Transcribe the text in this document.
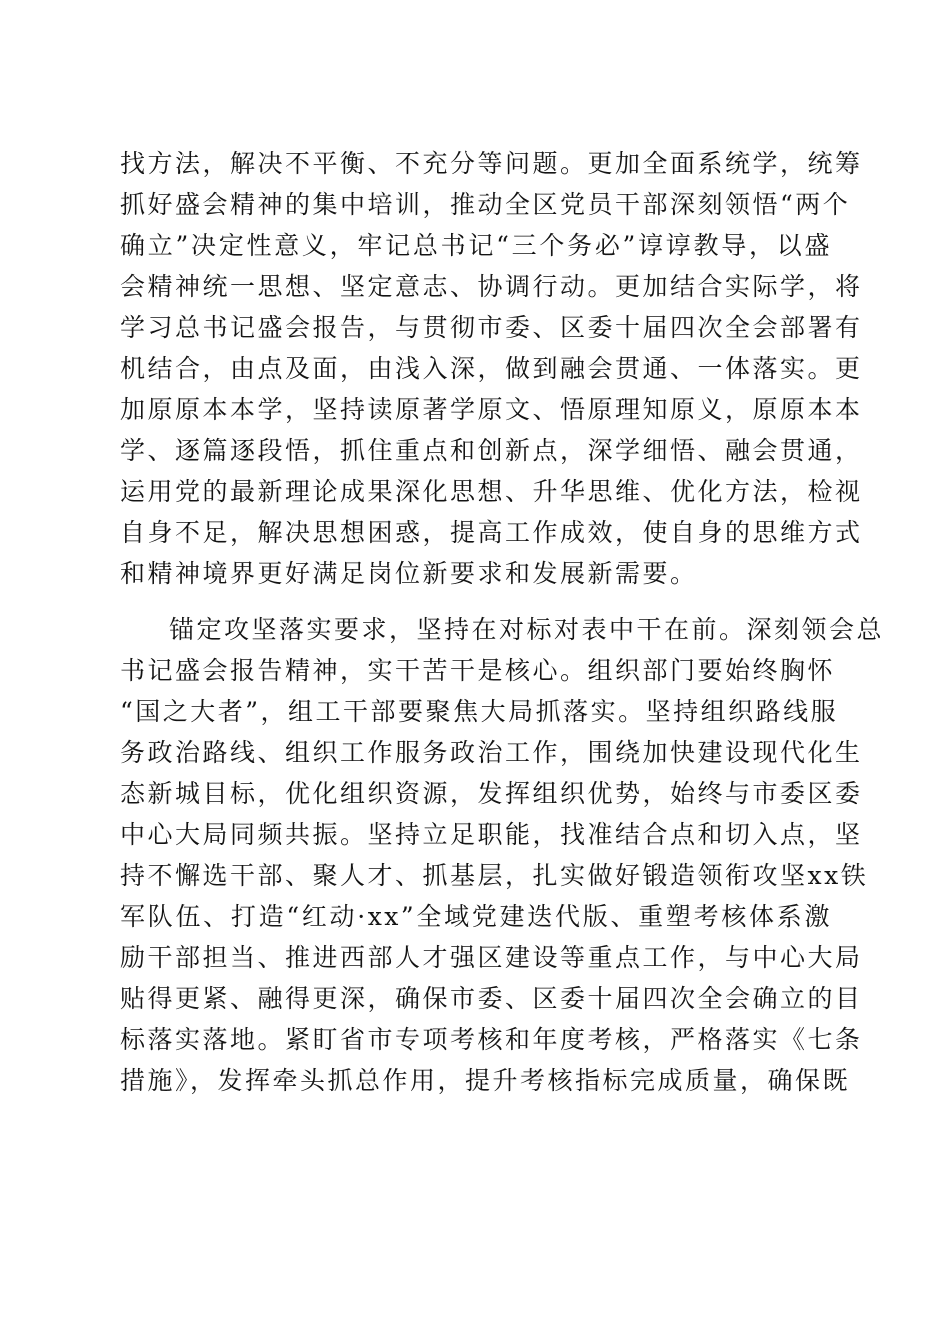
找方法，解决不平衡、不充分等问题。更加全面系统学，统筹
抓好盛会精神的集中培训，推动全区党员干部深刻领悟“两个
确立”决定性意义，牢记总书记“三个务必”谆谆教导，以盛
会精神统一思想、坚定意志、协调行动。更加结合实际学，将
学习总书记盛会报告，与贯彻市委、区委十届四次全会部署有
机结合，由点及面，由浅入深，做到融会贯通、一体落实。更
加原原本本学，坚持读原著学原文、悟原理知原义，原原本本
学、逐篇逐段悟，抓住重点和创新点，深学细悟、融会贯通，
运用党的最新理论成果深化思想、升华思维、优化方法，检视
自身不足，解决思想困惑，提高工作成效，使自身的思维方式
和精神境界更好满足岗位新要求和发展新需要。
锚定攻坚落实要求，坚持在对标对表中干在前。深刻领会总
书记盛会报告精神，实干苦干是核心。组织部门要始终胸怀
“国之大者”，组工干部要聚焦大局抓落实。坚持组织路线服
务政治路线、组织工作服务政治工作，围绕加快建设现代化生
态新城目标，优化组织资源，发挥组织优势，始终与市委区委
中心大局同频共振。坚持立足职能，找准结合点和切入点，坚
持不懈选干部、聚人才、抓基层，扎实做好锻造领衔攻坚xx铁
军队伍、打造“红动·xx”全域党建迭代版、重塑考核体系激
励干部担当、推进西部人才强区建设等重点工作，与中心大局
贴得更紧、融得更深，确保市委、区委十届四次全会确立的目
标落实落地。紧盯省市专项考核和年度考核，严格落实《七条
措施》，发挥牵头抓总作用，提升考核指标完成质量，确保既
